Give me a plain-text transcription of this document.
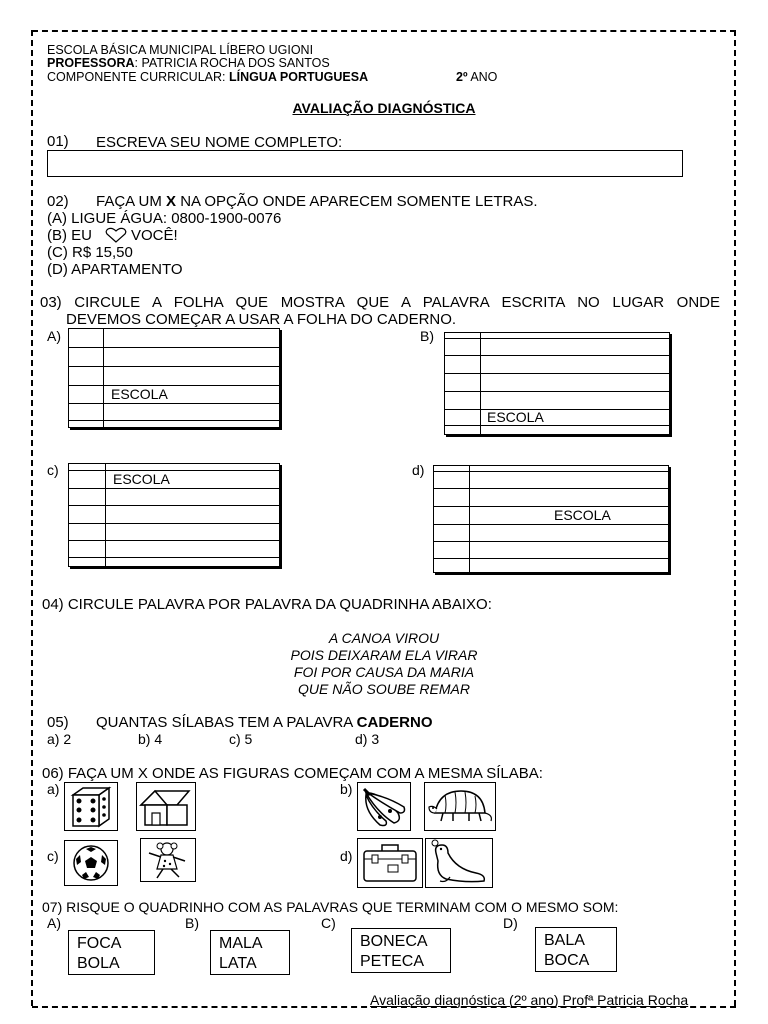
ESCOLA BÁSICA MUNICIPAL LÍBERO UGIONI
PROFESSORA: PATRICIA ROCHA DOS SANTOS
COMPONENTE CURRICULAR: LÍNGUA PORTUGUESA	2º ANO
AVALIAÇÃO DIAGNÓSTICA
01) ESCREVA SEU NOME COMPLETO:
02) FAÇA UM X NA OPÇÃO ONDE APARECEM SOMENTE LETRAS.
(A) LIGUE ÁGUA: 0800-1900-0076
(B) EU	VOCÊ!
(C) R$ 15,50
(D) APARTAMENTO
03) CIRCULE A FOLHA QUE MOSTRA QUE A PALAVRA ESCRITA NO LUGAR ONDE
DEVEMOS COMEÇAR A USAR A FOLHA DO CADERNO.
A)
ESCOLA
B)
ESCOLA
c)
ESCOLA
d)
ESCOLA
04) CIRCULE PALAVRA POR PALAVRA DA QUADRINHA ABAIXO:
A CANOA VIROU
POIS DEIXARAM ELA VIRAR
FOI POR CAUSA DA MARIA
QUE NÃO SOUBE REMAR
05) QUANTAS SÍLABAS TEM A PALAVRA CADERNO
a) 2	b) 4	c) 5	d) 3
06) FAÇA UM X ONDE AS FIGURAS COMEÇAM COM A MESMA SÍLABA:
a)	b)
c)	d)
07) RISQUE O QUADRINHO COM AS PALAVRAS QUE TERMINAM COM O MESMO SOM:
A)	B)	C)	D)
FOCA
BOLA
MALA
LATA
BONECA
PETECA
BALA
BOCA
Avaliação diagnóstica (2º ano) Profª Patricia Rocha
